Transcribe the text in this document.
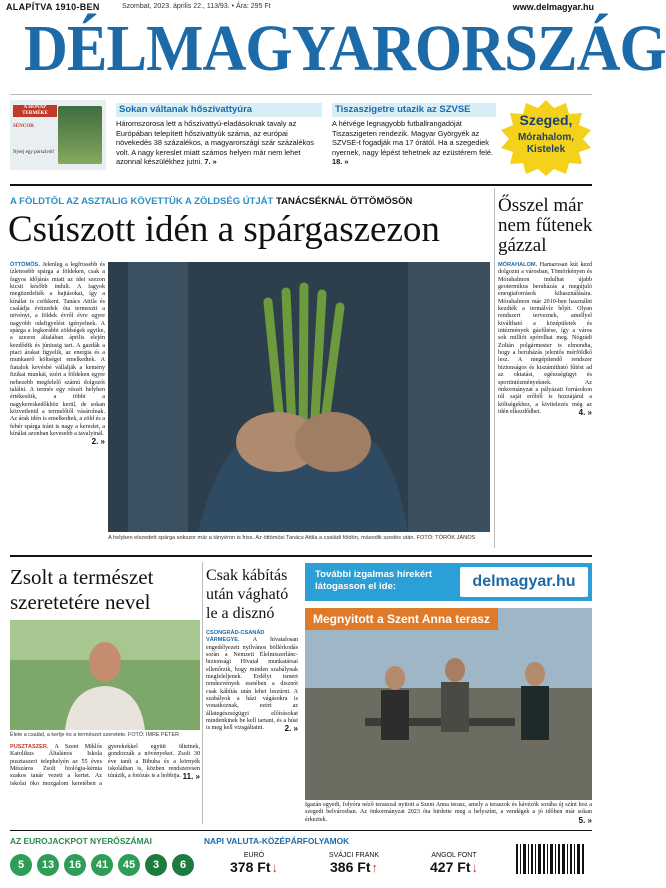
ALAPÍTVA 1910-BEN	Szombat, 2023. április 22., 113/93. • Ára: 295 Ft	www.delmagyar.hu
DÉLMAGYARORSZÁG
A HÓNAP TERMÉKE
SÉNCOR
Nyerj egy porszívót!
Sokan váltanak hőszivattyúra
Háromszorosa lett a hőszivattyú-eladásoknak tavaly az Európában telepített hőszivattyúk száma, az európai növekedés 38 százalékos, a magyarországi szár százalékos volt. A nagy kereslet miatt számos helyen már nem lehet azonnal készülékhez jutni. 7. »
Tiszaszigetre utazik az SZVSE
A hétvége legnagyobb futballrangadóját Tiszaszigeten rendezik. Magyar Györgyék az SZVSE-t fogadják ma 17 órától. Ha a szegediek nyernek, nagy lépést tehetnek az ezüstérem felé. 18. »
Szeged,
Mórahalom,
Kistelek
A FÖLDTŐL AZ ASZTALIG KÖVETTÜK A ZÖLDSÉG ÚTJÁT TANÁCSÉKNÁL ÖTTÖMÖSÖN
Csúszott idén a spárgaszezon
ÖTTÖMÖS. Jelenleg a legfrissebb és ízletesebb spárga a földeken, csak a fagyos időjárás miatt az idei szezon kicsit később indult. A fagyok megtizedelték a hajtásokat, így a kínálat is csökkent. Tanács Attila és családja évtizedek óta termeszti a növényt, a földek évről évre egyre nagyobb odafigyelést igényelnek. A spárga a legkorábbi zöldségek egyike, a szezon általában április elején kezdődik és júniusig tart. A gazdák a piaci árakat figyelik, az energia és a munkaerő költségei emelkedtek. A fiatalok kevésbé vállalják a kemény fizikai munkát, ezért a földeken egyre nehezebb megfelelő számú dolgozót találni. A termés egy részét helyben értékesítik, a többi a nagykereskedőkhöz kerül, de sokan közvetlenül a termelőtől vásárolnak. Az árak idén is emelkedtek, a zöld és a fehér spárga iránt is nagy a kereslet, a kínálat azonban kevesebb a tavalyinál.
2. »
A helyben elszedett spárga sokszor már a tányéron is friss. Az öttömösi Tanács Attila a családi földön, második szedés után. FOTÓ: TÖRÖK JÁNOS
Ősszel már nem fűtenek gázzal
MÓRAHALOM. Hamarosan kút kezd dolgozni a városban, Tömörkényen és Mórahalmon indulhat újabb geotermikus beruházás a megújuló energiaforrások kihasználására. Mórahalmon már 2010-ben használni kezdték a termálvíz hőjét. Olyan rendszert terveznek, amellyel kiváltható a középületek és intézmények gázfűtése, így a város sok milliót spórolhat meg. Nógrádi Zoltán polgármester is elmondta, hogy a beruházás jelentős mérföldkő lesz. A megépítendő rendszer biztonságos és kiszámítható fűtést ad az oktatási, egészségügyi és sportintézményeknek. Az önkormányzat a pályázati forrásokon túl saját erőből is hozzájárul a költségekhez, a kivitelezés még az idén elkezdődhet.	4. »
Zsolt a természet szeretetére nevel
Élete a család, a kertje és a természet szeretete. FOTÓ: IMRE PÉTER
PUSZTASZER. A Szent Miklós Katolikus Általános Iskola pusztaszeri telephelyén az 55 éves Mészáros Zsolt biológia-kémia szakos tanár vezeti a kertet. Az iskolai öko mozgalom keretében a gyerekekkel együtt ültetnek, gondozzák a növényeket. Zsolt 30 éve tanít a Bibuba és a környék iskoláiban is, közben rendszeresen túrázik, a fotózás is a hobbija. 11. »
Csak kábítás után vágható le a disznó
CSONGRÁD-CSANÁD VÁRMEGYE. A hivatalosan engedélyezett nyilvános böllérkodás során a Nemzeti Élelmiszerlánc-biztonsági Hivatal munkatársai ellenőrzik, hogy minden szabálynak megfeleljenek. Erdélyi ismert rendezvények esetében a disznót csak kábítás után lehet leszúrni. A szabályok a házi vágásokra is vonatkoznak, ezért az állategészségügyi előírásokat mindenkinek be kell tartani, és a húst is meg kell vizsgáltatni.	2. »
További izgalmas hírekért látogasson el ide:	delmagyar.hu
Megnyitott a Szent Anna terasz
Igazán egyedi, folyóra néző terasszal nyitott a Szent Anna terasz, amely a teraszok és kávézók sorába új színt hoz a szegedi belvárosban. Az önkormányzat 2023 óta hirdette meg a helyszínt, a vendégek a jó időben már sokan érkeztek.	5. »
AZ EUROJACKPOT NYERŐSZÁMAI
5	13	16	41	45	3	6
NAPI VALUTA-KÖZÉPÁRFOLYAMOK
EURÓ
378 Ft↓
SVÁJCI FRANK
386 Ft↑
ANGOL FONT
427 Ft↓
